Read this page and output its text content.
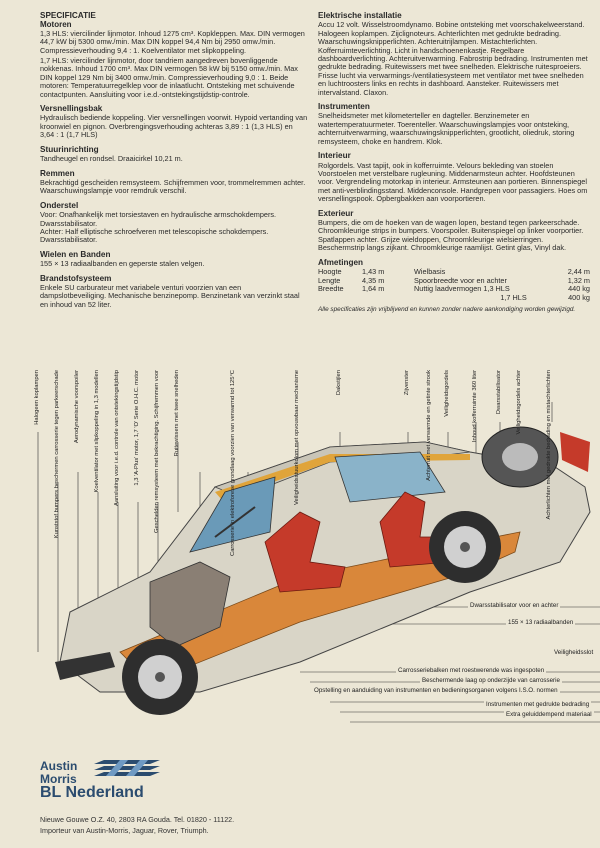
SPECIFICATIE
Motoren

1,3 HLS: viercilinder lijnmotor. Inhoud 1275 cm³. Kopkleppen. Max. DIN vermogen 44,7 kW bij 5300 omw./min. Max DIN koppel 94,4 Nm bij 2950 omw./min. Compressieverhouding 9,4 : 1. Koelventilator met slipkoppeling.

1,7 HLS: viercilinder lijnmotor, door tandriem aangedreven bovenliggende nokkenas. Inhoud 1700 cm³. Max DIN vermogen 58 kW bij 5150 omw./min. Max DIN koppel 129 Nm bij 3400 omw./min. Compressieverhouding 9,0 : 1. Beide motoren: Temperatuurregelklep voor de inlaatlucht. Ontsteking met schuivende contactpunten. Aansluiting voor i.e.d.-ontstekingstijdstip-controle.

Versnellingsbak

Hydraulisch bediende koppeling. Vier versnellingen voorwit. Hypoid vertanding van kroonwiel en pignon. Overbrengingsverhouding achteras 3,89 : 1 (1,3 HLS) en 3,64 : 1 (1,7 HLS)

Stuurinrichting

Tandheugel en rondsel. Draaicirkel 10,21 m.

Remmen

Bekrachtigd gescheiden remsysteem. Schijfremmen voor, trommelremmen achter. Waarschuwingslampje voor remdruk verschil.

Onderstel

Voor: Onafhankelijk met torsiestaven en hydraulische armschokdempers. Dwarsstabilisator.

Achter: Half elliptische schroefveren met telescopische schokdempers. Dwarsstabilisator.

Wielen en Banden

155 × 13 radiaalbanden en geperste stalen velgen.

Brandstofsysteem

Enkele SU carburateur met variabele venturi voorzien van een dampslotbeveiliging. Mechanische benzinepomp. Benzinetank van verzinkt staal en inhoud van 52 liter.

Elektrische installatie

Accu 12 volt. Wisselstroomdynamo. Bobine ontsteking met voorschakelweerstand. Halogeen koplampen. Zijclignoteurs. Achterlichten met gedrukte bedrading. Waarschuwingsknipperlichten. Achteruitrijlampen. Mistachterlichten. Kofferruimteverlichting. Licht in handschoenenkastje. Regelbare dashboardverlichting. Achteruitverwarming. Fabrostrip bedrading. Instrumenten met gedrukte bedrading. Ruitewissers met twee snelheden. Elektrische ruitesproeiers. Frisse lucht via verwarmings-/ventilatiesysteem met ventilator met twee snelheden en luchtroosters links en rechts in dashboard. Aansteker. Ruitewissers met intervalstand. Claxon.

Instrumenten

Snelheidsmeter met kilometerteller en dagteller. Benzinemeter en watertemperatuurmeter. Toerenteller. Waarschuwingslampjes voor ontsteking, achterruitverwarming, waarschuwingsknipperlichten, grootlicht, oliedruk, storing remsysteem, choke en handrem. Klok.

Interieur

Rolgordels. Vast tapijt, ook in kofferruimte. Velours bekleding van stoelen Voorstoelen met verstelbare rugleuning. Middenarmsteun achter. Hoofdsteunen voor. Vergrendeling motorkap in interieur. Armsteunen aan portieren. Binnenspiegel met anti-verblindingsstand. Middenconsole. Handgrepen voor passagiers. Hoes om versnellingspook. Opbergbakken aan voorportieren.

Exterieur

Bumpers, die om de hoeken van de wagen lopen, bestand tegen parkeerschade. Chroomkleurige strips in bumpers. Voorspoiler. Buitenspiegel op linker voorportier. Spatlappen achter. Grijze wieldoppen, Chroomkleurige wielsierringen. Beschermstrip langs zijkant. Chroomkleurige raamlijst. Getint glas, Vinyl dak.

Afmetingen
Hoogte	1,43 m	Wielbasis	2,44 m
Lengte	4,35 m	Spoorbreedte voor en achter	1,32 m
Breedte	1,64 m	Nuttig laadvermogen 1,3 HLS	440 kg
		1,7 HLS	400 kg
Alle specificaties zijn vrijblijvend en kunnen zonder nadere aankondiging worden gewijzigd.
Halogeen koplampen Kunststof bumpers beschermen carrosserie tegen parkeerschade Aerodynamische voorspoiler Koelventilator met slipkoppeling in 1,3 modellen Aansluiting voor i.e.d. controle van ontstekingstijdstip 1,3 'A-Plus' motor, 1,7 'O' Serie O.H.C. motor Geschelden remsysteem met bekrachtiging. Schijfremmen voor Ruitewissers met twee snelheden	Carrosserie in elektroforese grondlaag voorzien van verwarmd tot 125°C	Veiligheidsstuurkolom met opvouwbaar mechanisme	Dakstijlen	Zijvenster	Achterruit met verwarmde en getinte strook Veiligheidsgordels	Inhoud kofferruimte 360 liter	Dwarsstabilisator Veiligheidsgordels achter	Achterlichten met gedrukte bedrading en mistachterlichten
Dwarsstabilisator voor en achter
155 × 13 radiaalbanden
Veiligheidsslot
Carrosseriebalken met roestwerende was ingespoten
Beschermende laag op onderzijde van carrosserie
Opstelling en aanduiding van instrumenten en bedieningsorganen volgens I.S.O. normen
Instrumenten met gedrukte bedrading
Extra geluiddempend materiaal
Austin
Morris
BL Nederland
Nieuwe Gouwe O.Z. 40, 2803 RA Gouda. Tel. 01820 - 11122.
Importeur van Austin-Morris, Jaguar, Rover, Triumph.
